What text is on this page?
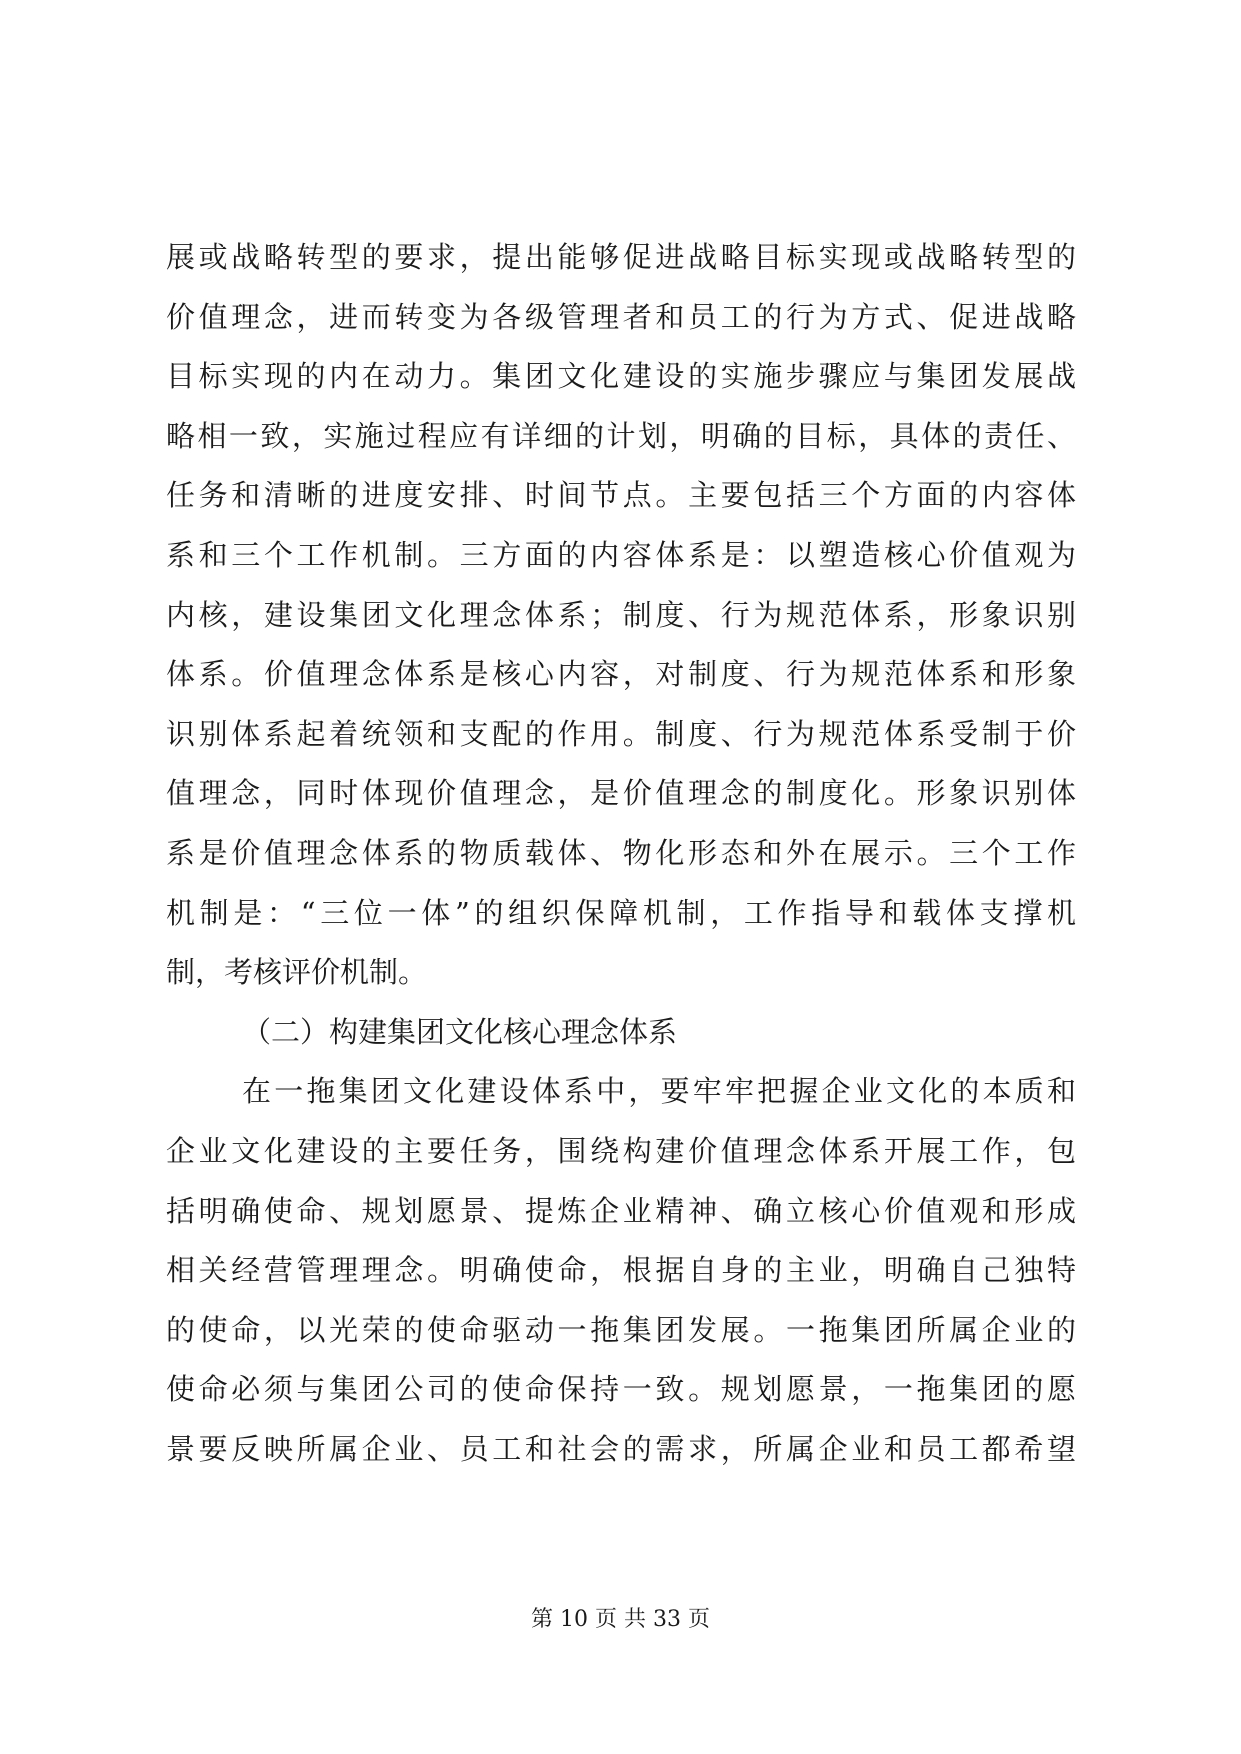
展或战略转型的要求，提出能够促进战略目标实现或战略转型的
价值理念，进而转变为各级管理者和员工的行为方式、促进战略
目标实现的内在动力。集团文化建设的实施步骤应与集团发展战
略相一致，实施过程应有详细的计划，明确的目标，具体的责任、
任务和清晰的进度安排、时间节点。主要包括三个方面的内容体
系和三个工作机制。三方面的内容体系是：以塑造核心价值观为
内核，建设集团文化理念体系；制度、行为规范体系，形象识别
体系。价值理念体系是核心内容，对制度、行为规范体系和形象
识别体系起着统领和支配的作用。制度、行为规范体系受制于价
值理念，同时体现价值理念，是价值理念的制度化。形象识别体
系是价值理念体系的物质载体、物化形态和外在展示。三个工作
机制是：“三位一体”的组织保障机制，工作指导和载体支撑机
制，考核评价机制。
（二）构建集团文化核心理念体系
在一拖集团文化建设体系中，要牢牢把握企业文化的本质和
企业文化建设的主要任务，围绕构建价值理念体系开展工作，包
括明确使命、规划愿景、提炼企业精神、确立核心价值观和形成
相关经营管理理念。明确使命，根据自身的主业，明确自己独特
的使命，以光荣的使命驱动一拖集团发展。一拖集团所属企业的
使命必须与集团公司的使命保持一致。规划愿景，一拖集团的愿
景要反映所属企业、员工和社会的需求，所属企业和员工都希望
第 10 页 共 33 页
